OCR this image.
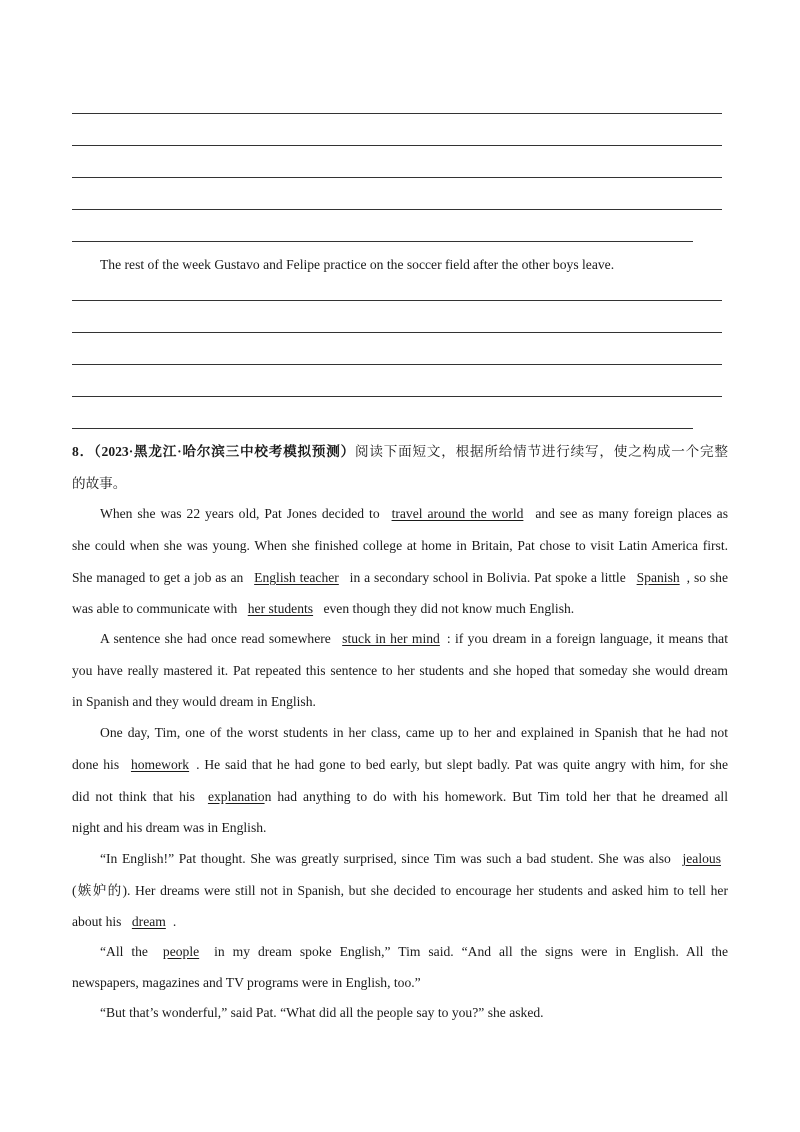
The rest of the week Gustavo and Felipe practice on the soccer field after the other boys leave.

8．（2023·黑龙江·哈尔滨三中校考模拟预测）阅读下面短文，根据所给情节进行续写，使之构成一个完整

的故事。

When she was 22 years old, Pat Jones decided to travel around the world and see as many foreign places as

she could when she was young. When she finished college at home in Britain, Pat chose to visit Latin America first.

She managed to get a job as an English teacher in a secondary school in Bolivia. Pat spoke a little Spanish , so she

was able to communicate with her students even though they did not know much English.

A sentence she had once read somewhere stuck in her mind : if you dream in a foreign language, it means that

you have really mastered it. Pat repeated this sentence to her students and she hoped that someday she would dream

in Spanish and they would dream in English.

One day, Tim, one of the worst students in her class, came up to her and explained in Spanish that he had not

done his homework . He said that he had gone to bed early, but slept badly. Pat was quite angry with him, for she

did not think that his explanation had anything to do with his homework. But Tim told her that he dreamed all

night and his dream was in English.

“In English!” Pat thought. She was greatly surprised, since Tim was such a bad student. She was also jealous

(嫉妒的). Her dreams were still not in Spanish, but she decided to encourage her students and asked him to tell her

about his dream .

“All the people in my dream spoke English,” Tim said. “And all the signs were in English. All the

newspapers, magazines and TV programs were in English, too.”

“But that’s wonderful,” said Pat. “What did all the people say to you?” she asked.
